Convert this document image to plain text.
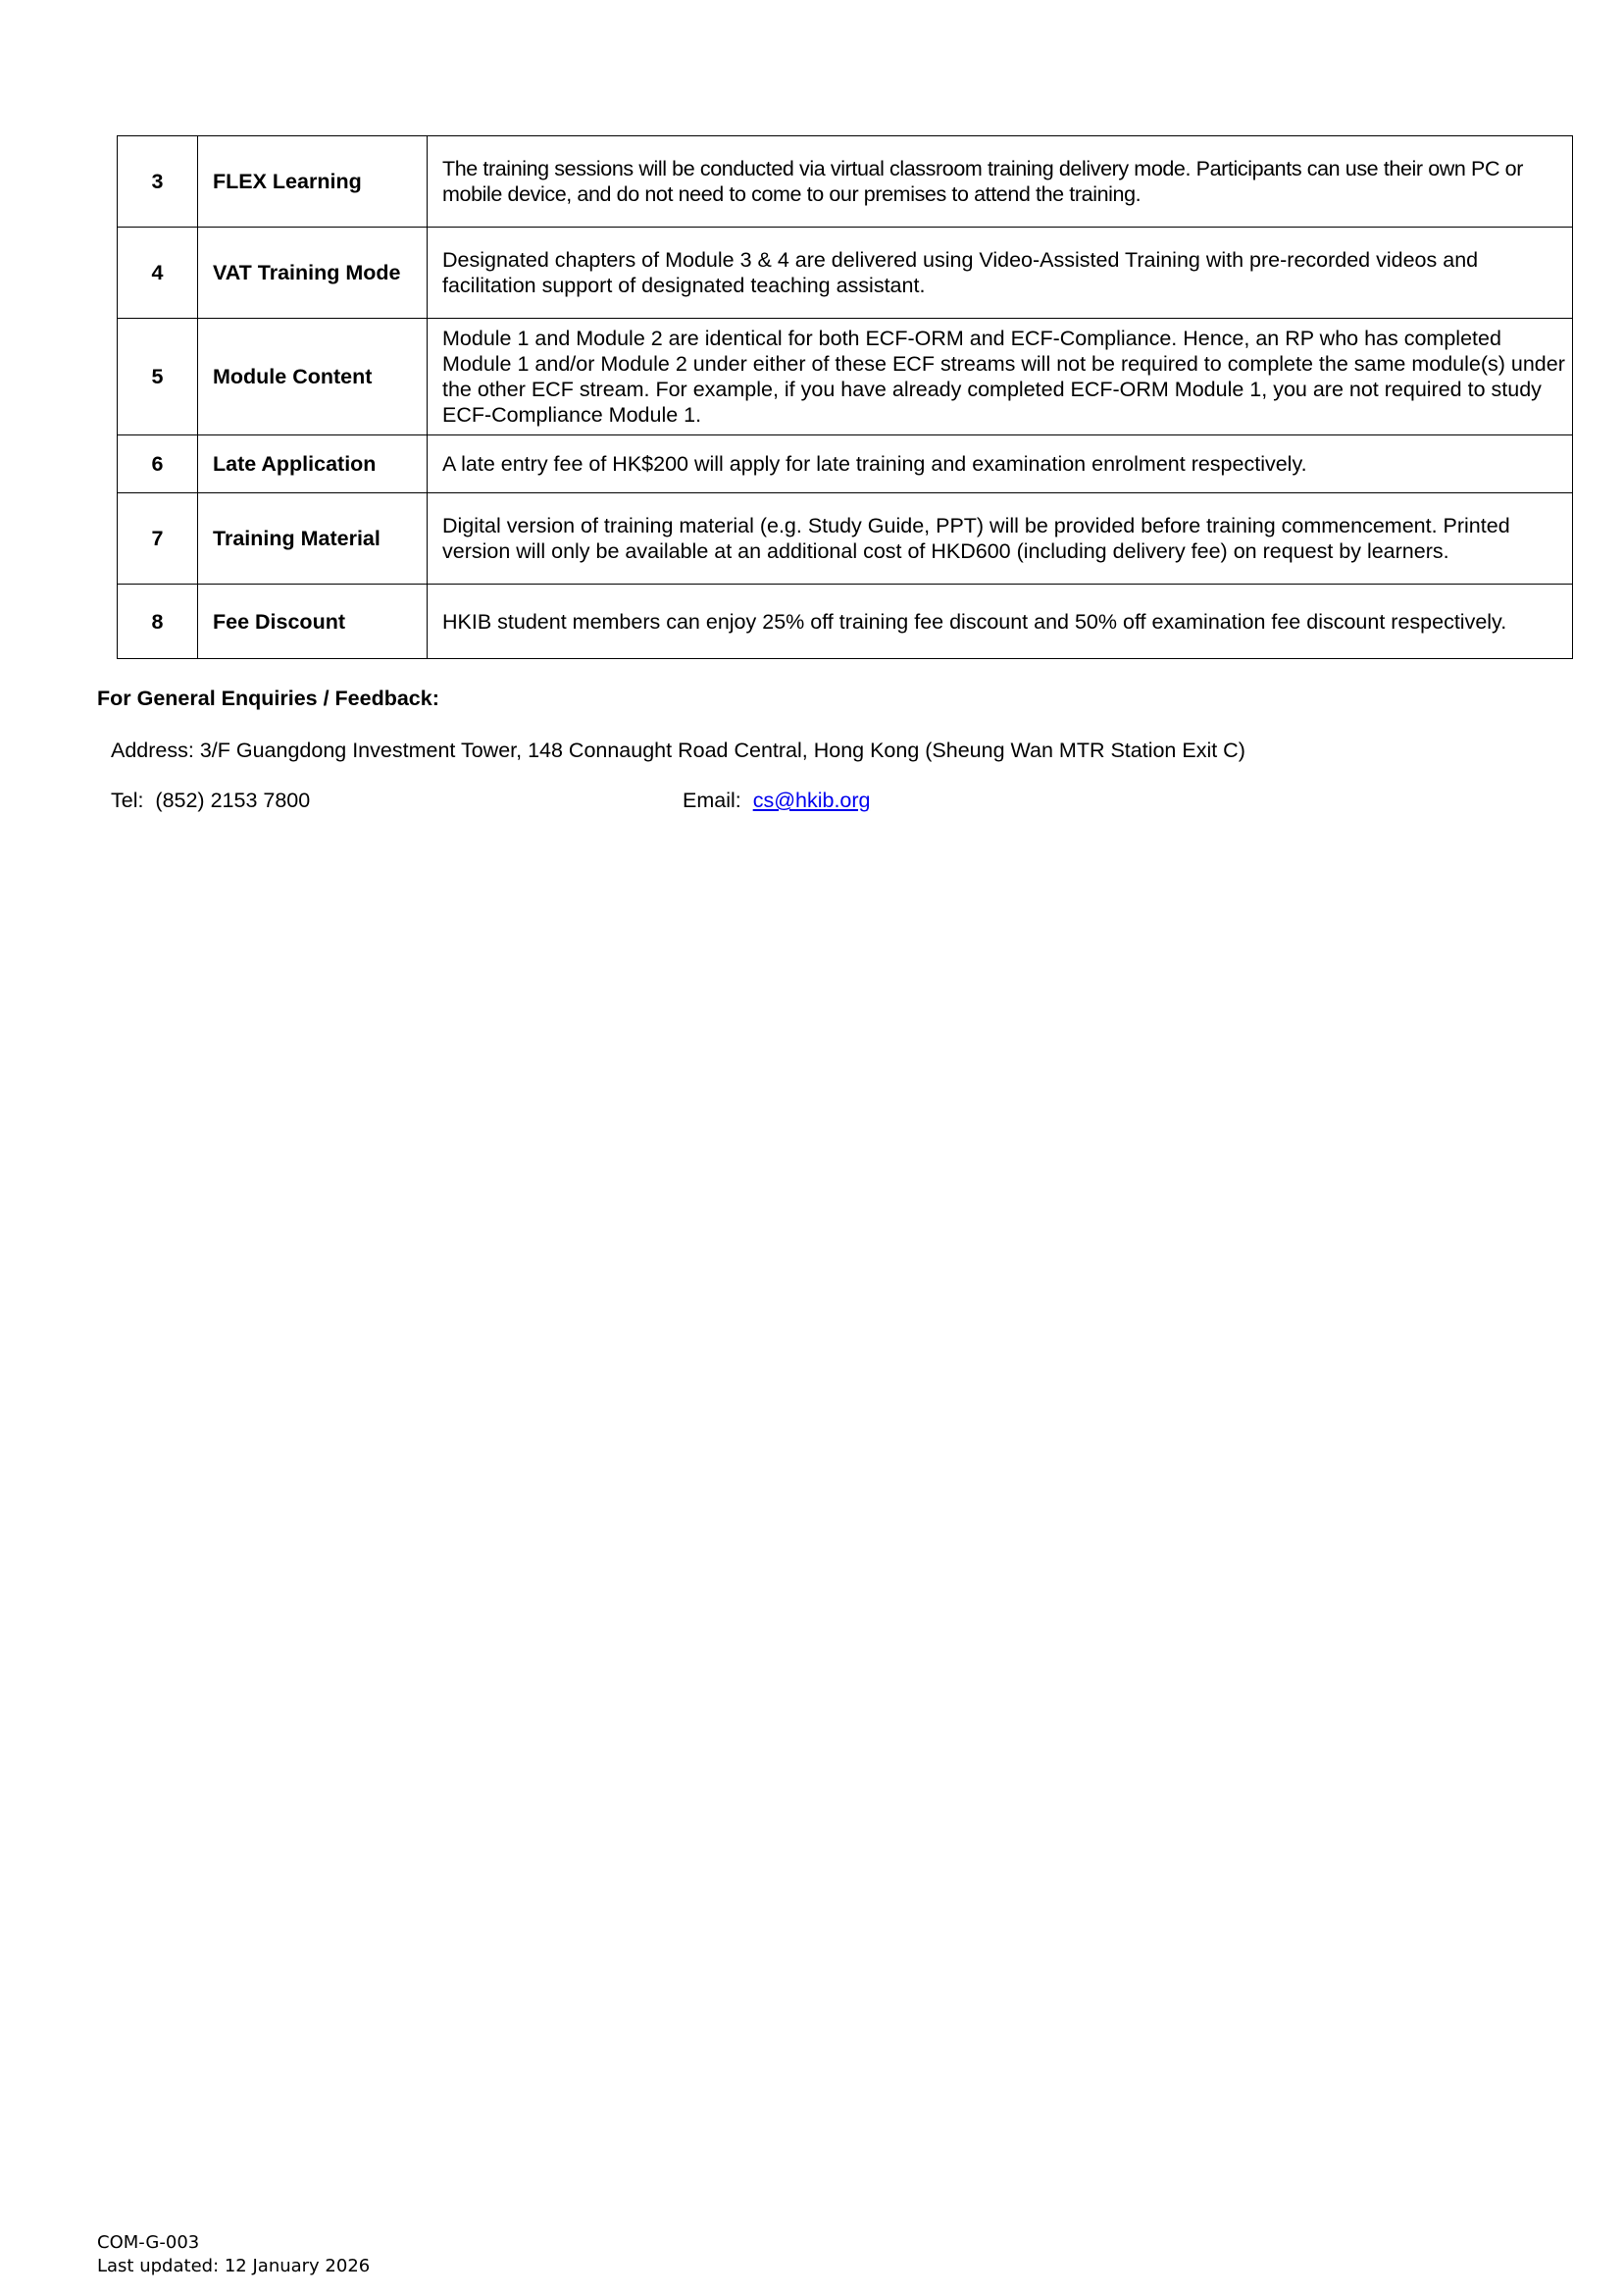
3	FLEX Learning	The training sessions will be conducted via virtual classroom training delivery mode. Participants can use their own PC or mobile device, and do not need to come to our premises to attend the training.
4	VAT Training Mode	Designated chapters of Module 3 & 4 are delivered using Video-Assisted Training with pre-recorded videos and facilitation support of designated teaching assistant.
5	Module Content	Module 1 and Module 2 are identical for both ECF-ORM and ECF-Compliance. Hence, an RP who has completed Module 1 and/or Module 2 under either of these ECF streams will not be required to complete the same module(s) under the other ECF stream. For example, if you have already completed ECF-ORM Module 1, you are not required to study ECF-Compliance Module 1.
6	Late Application	A late entry fee of HK$200 will apply for late training and examination enrolment respectively.
7	Training Material	Digital version of training material (e.g. Study Guide, PPT) will be provided before training commencement. Printed version will only be available at an additional cost of HKD600 (including delivery fee) on request by learners.
8	Fee Discount	HKIB student members can enjoy 25% off training fee discount and 50% off examination fee discount respectively.
For General Enquiries / Feedback:
Address: 3/F Guangdong Investment Tower, 148 Connaught Road Central, Hong Kong (Sheung Wan MTR Station Exit C)
Tel:  (852) 2153 7800	Email: cs@hkib.org
COM-G-003
Last updated: 12 January 2026
